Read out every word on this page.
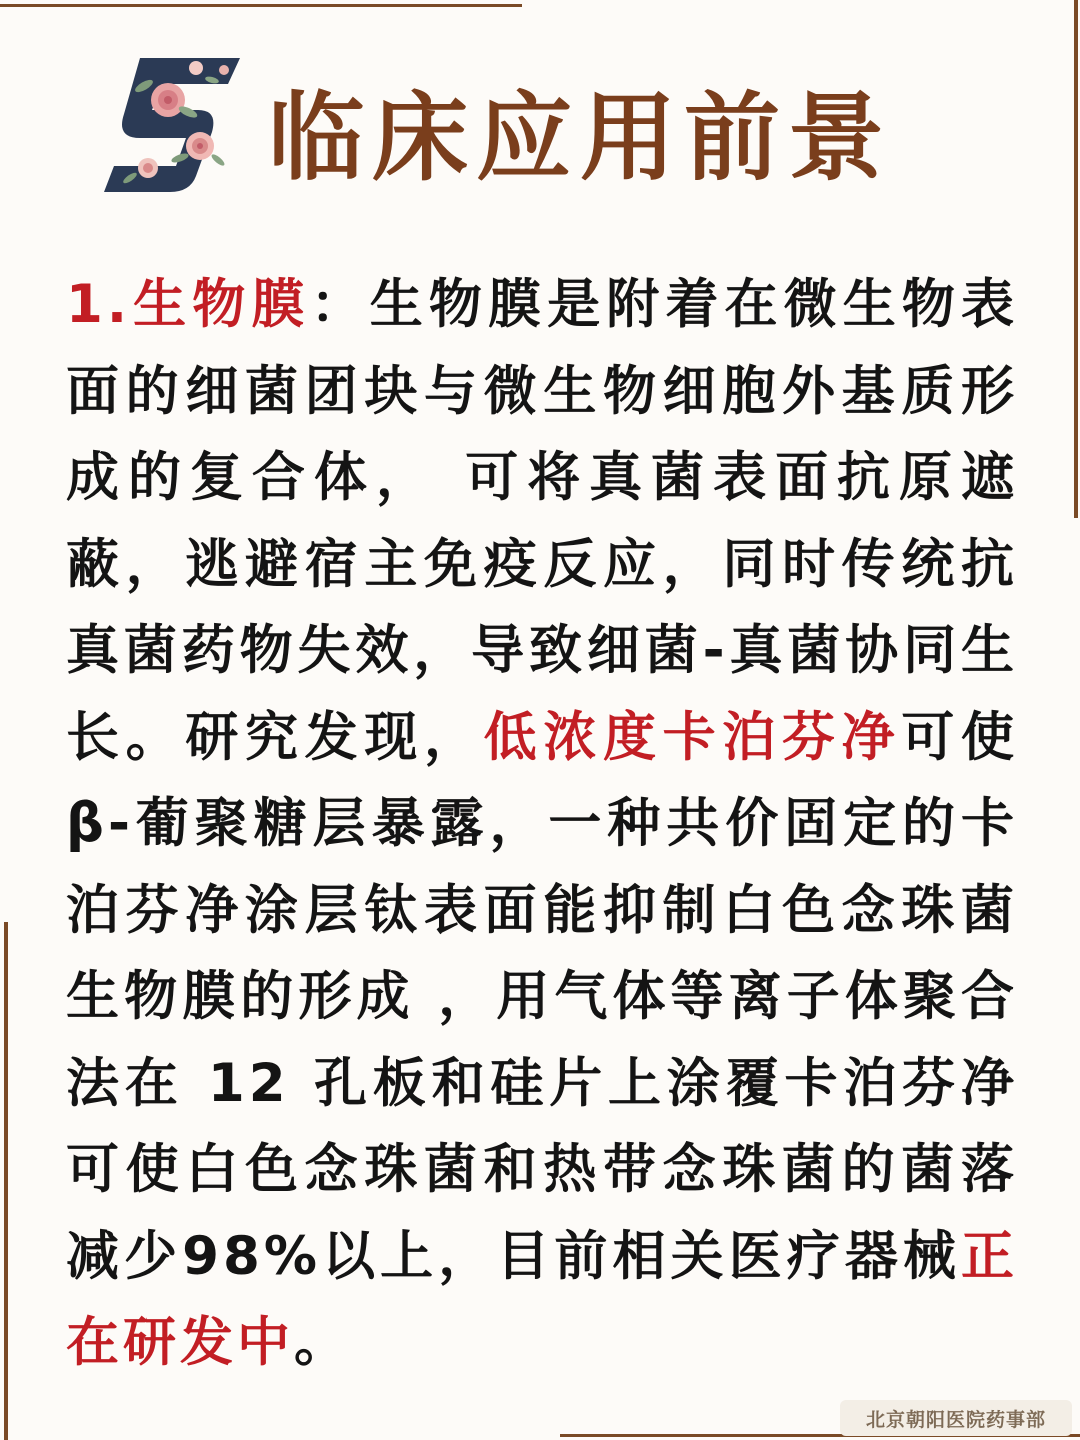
临床应用前景

1.生物膜：生物膜是附着在微生物表面的细菌团块与微生物细胞外基质形成的复合体， 可将真菌表面抗原遮蔽，逃避宿主免疫反应，同时传统抗真菌药物失效，导致细菌-真菌协同生长。研究发现，低浓度卡泊芬净可使 β-葡聚糖层暴露，一种共价固定的卡泊芬净涂层钛表面能抑制白色念珠菌生物膜的形成 ，用气体等离子体聚合法在 12 孔板和硅片上涂覆卡泊芬净可使白色念珠菌和热带念珠菌的菌落减少98%以上，目前相关医疗器械正在研发中。

北京朝阳医院药事部
